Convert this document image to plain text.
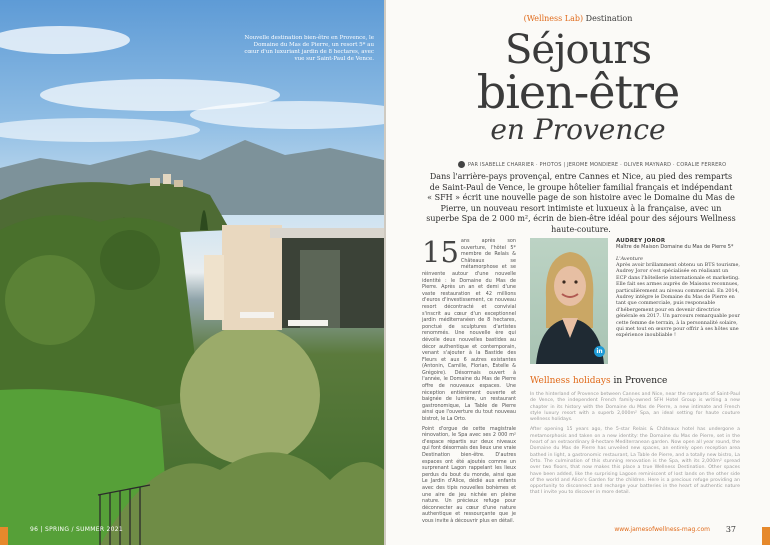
Nouvelle destination bien-être en Provence, le Domaine du Mas de Pierre, un resort 5* au cœur d'un luxuriant jardin de 8 hectares, avec vue sur Saint-Paul de Vence.
96 | SPRING / SUMMER 2021
(Wellness Lab) Destination
Séjours
bien-être
en Provence
PAR ISABELLE CHARRIER · PHOTOS | JEROME MONDIERE · OLIVER MAYNARD · CORALIE FERRERO
Dans l'arrière-pays provençal, entre Cannes et Nice, au pied des remparts de Saint-Paul de Vence, le groupe hôtelier familial français et indépendant « SFH » écrit une nouvelle page de son histoire avec le Domaine du Mas de Pierre, un nouveau resort intimiste et luxueux à la française, avec un superbe Spa de 2 000 m², écrin de bien-être idéal pour des séjours Wellness haute-couture.
15 ans après son ouverture, l'hôtel 5* membre de Relais & Châteaux se métamorphose et se réinvente autour d'une nouvelle identité : le Domaine du Mas de Pierre. Après un an et demi d'une vaste restauration et 42 millions d'euros d'investissement, ce nouveau resort décontracté et convivial s'inscrit au cœur d'un exceptionnel jardin méditerranéen de 8 hectares, ponctué de sculptures d'artistes renommés. Une nouvelle ère qui dévoile deux nouvelles bastides au décor authentique et contemporain, venant s'ajouter à la Bastide des Fleurs et aux 6 autres existantes (Antonin, Camille, Florian, Estelle & Grégoire). Désormais ouvert à l'année, le Domaine du Mas de Pierre offre de nouveaux espaces. Une réception entièrement ouverte et baignée de lumière, un restaurant gastronomique, La Table de Pierre ainsi que l'ouverture du tout nouveau bistrot, le La Orto.

Point d'orgue de cette magistrale rénovation, le Spa avec ses 2 000 m² d'espace répartis sur deux niveaux qui font désormais des lieux une vraie Destination bien-être. D'autres espaces ont été ajoutés comme un surprenant Lagon rappelant les lieux perdus du bout du monde, ainsi que Le Jardin d'Alice, dédié aux enfants avec des tipis nouvelles bohèmes et une aire de jeu nichée en pleine nature. Un précieux refuge pour déconnecter au cœur d'une nature authentique et ressourçante que je vous invite à découvrir plus en détail.

in
AUDREY JOROR
Maître de Maison Domaine du Mas de Pierre 5*
L'Aventure
Après avoir brillamment obtenu un BTS tourisme, Audrey Joror s'est spécialisée en réalisant un ECP dans l'hôtellerie internationale et marketing. Elle fait ses armes auprès de Maisons reconnues, particulièrement au niveau commercial. En 2014, Audrey intègre le Domaine du Mas de Pierre en tant que commerciale, puis responsable d'hébergement pour en devenir directrice générale en 2017. Un parcours remarquable pour cette femme de terrain, à la personnalité solaire, qui met tout en œuvre pour offrir à ses hôtes une expérience inoubliable !
Wellness holidays in Provence

In the hinterland of Provence between Cannes and Nice, near the ramparts of Saint-Paul de Vence, the independent French family-owned SFH Hotel Group is writing a new chapter in its history with the Domaine du Mas de Pierre, a new intimate and French style luxury resort with a superb 2,000m² Spa, an ideal setting for haute couture wellness holidays.

After opening 15 years ago, the 5-star Relais & Châteaux hotel has undergone a metamorphosis and taken on a new identity: the Domaine du Mas de Pierre, set in the heart of an extraordinary 8-hectare Mediterranean garden. Now open all year round, the Domaine du Mas de Pierre has unveiled new spaces, an entirely open reception area bathed in light, a gastronomic restaurant, La Table de Pierre, and a totally new bistro, La Orto. The culmination of this stunning renovation is the Spa, with its 2,000m² spread over two floors, that now makes this place a true Wellness Destination. Other spaces have been added, like the surprising Lagoon reminiscent of lost lands on the other side of the world and Alice's Garden for the children. Here is a precious refuge providing an opportunity to disconnect and recharge your batteries in the heart of authentic nature that I invite you to discover in more detail.

www.jamesofwellness-mag.com 37
